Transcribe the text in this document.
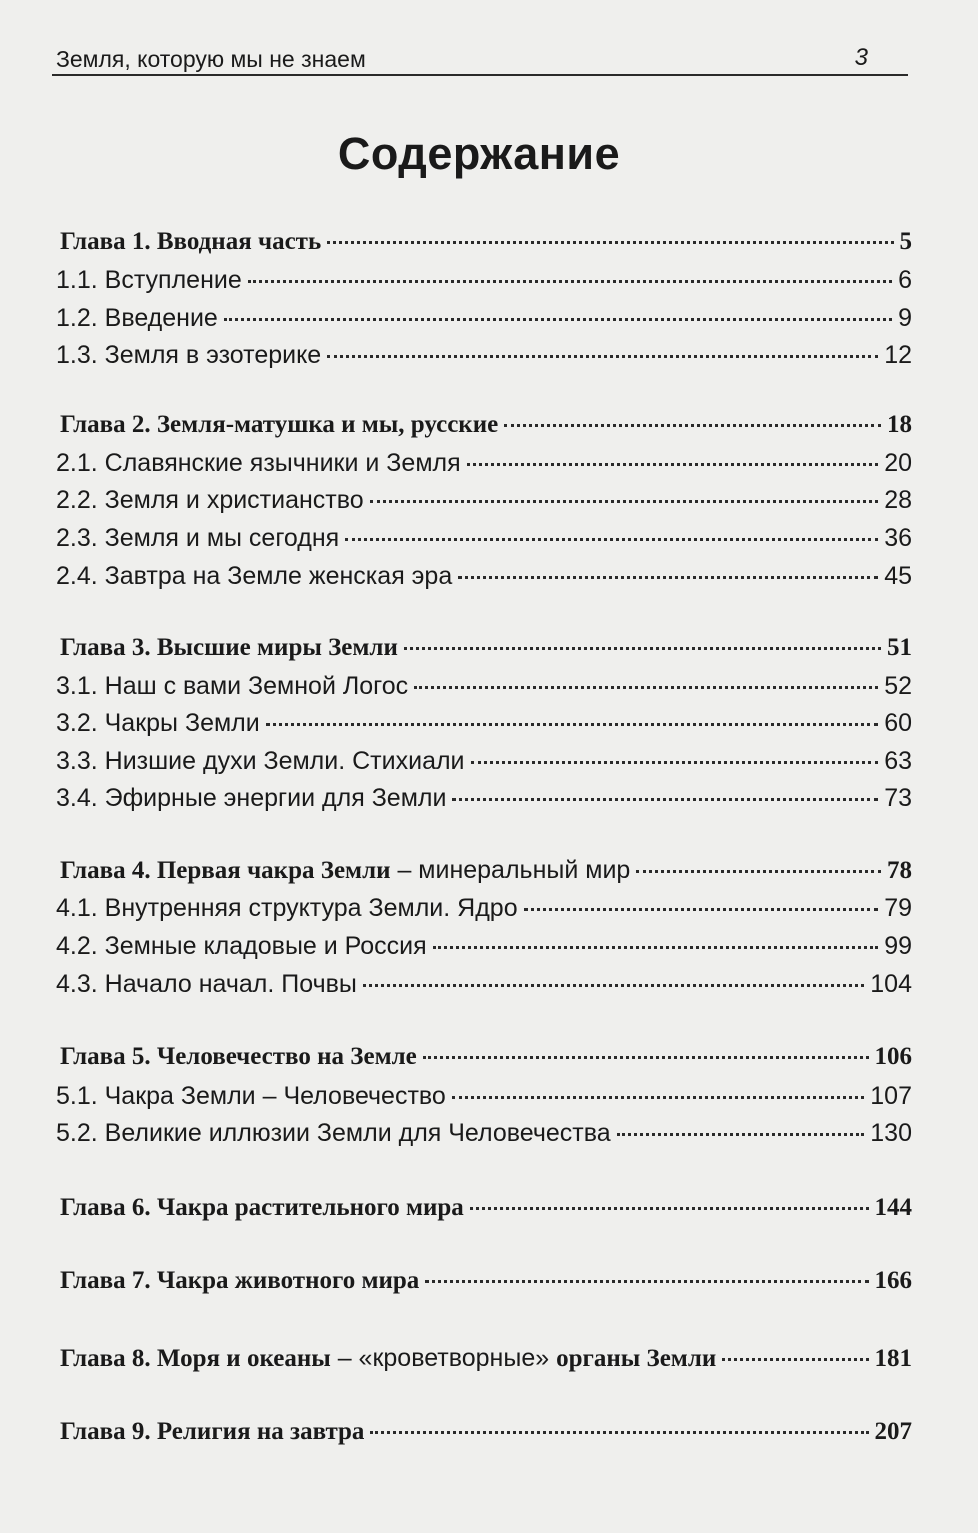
Земля, которую мы не знаем	3
Содержание
Глава 1. Вводная часть	5
1.1. Вступление	6
1.2. Введение	9
1.3. Земля в эзотерике	12
Глава 2. Земля-матушка и мы, русские	18
2.1. Славянские язычники и Земля	20
2.2. Земля и христианство	28
2.3. Земля и мы сегодня	36
2.4. Завтра на Земле женская эра	45
Глава 3. Высшие миры Земли	51
3.1. Наш с вами Земной Логос	52
3.2. Чакры Земли	60
3.3. Низшие духи Земли. Стихиали	63
3.4. Эфирные энергии для Земли	73
Глава 4. Первая чакра Земли – минеральный мир	78
4.1. Внутренняя структура Земли. Ядро	79
4.2. Земные кладовые и Россия	99
4.3. Начало начал. Почвы	104
Глава 5. Человечество на Земле	106
5.1. Чакра Земли – Человечество	107
5.2. Великие иллюзии Земли для Человечества	130
Глава 6. Чакра растительного мира	144
Глава 7. Чакра животного мира	166
Глава 8. Моря и океаны – «кроветворные» органы Земли	181
Глава 9. Религия на завтра	207
